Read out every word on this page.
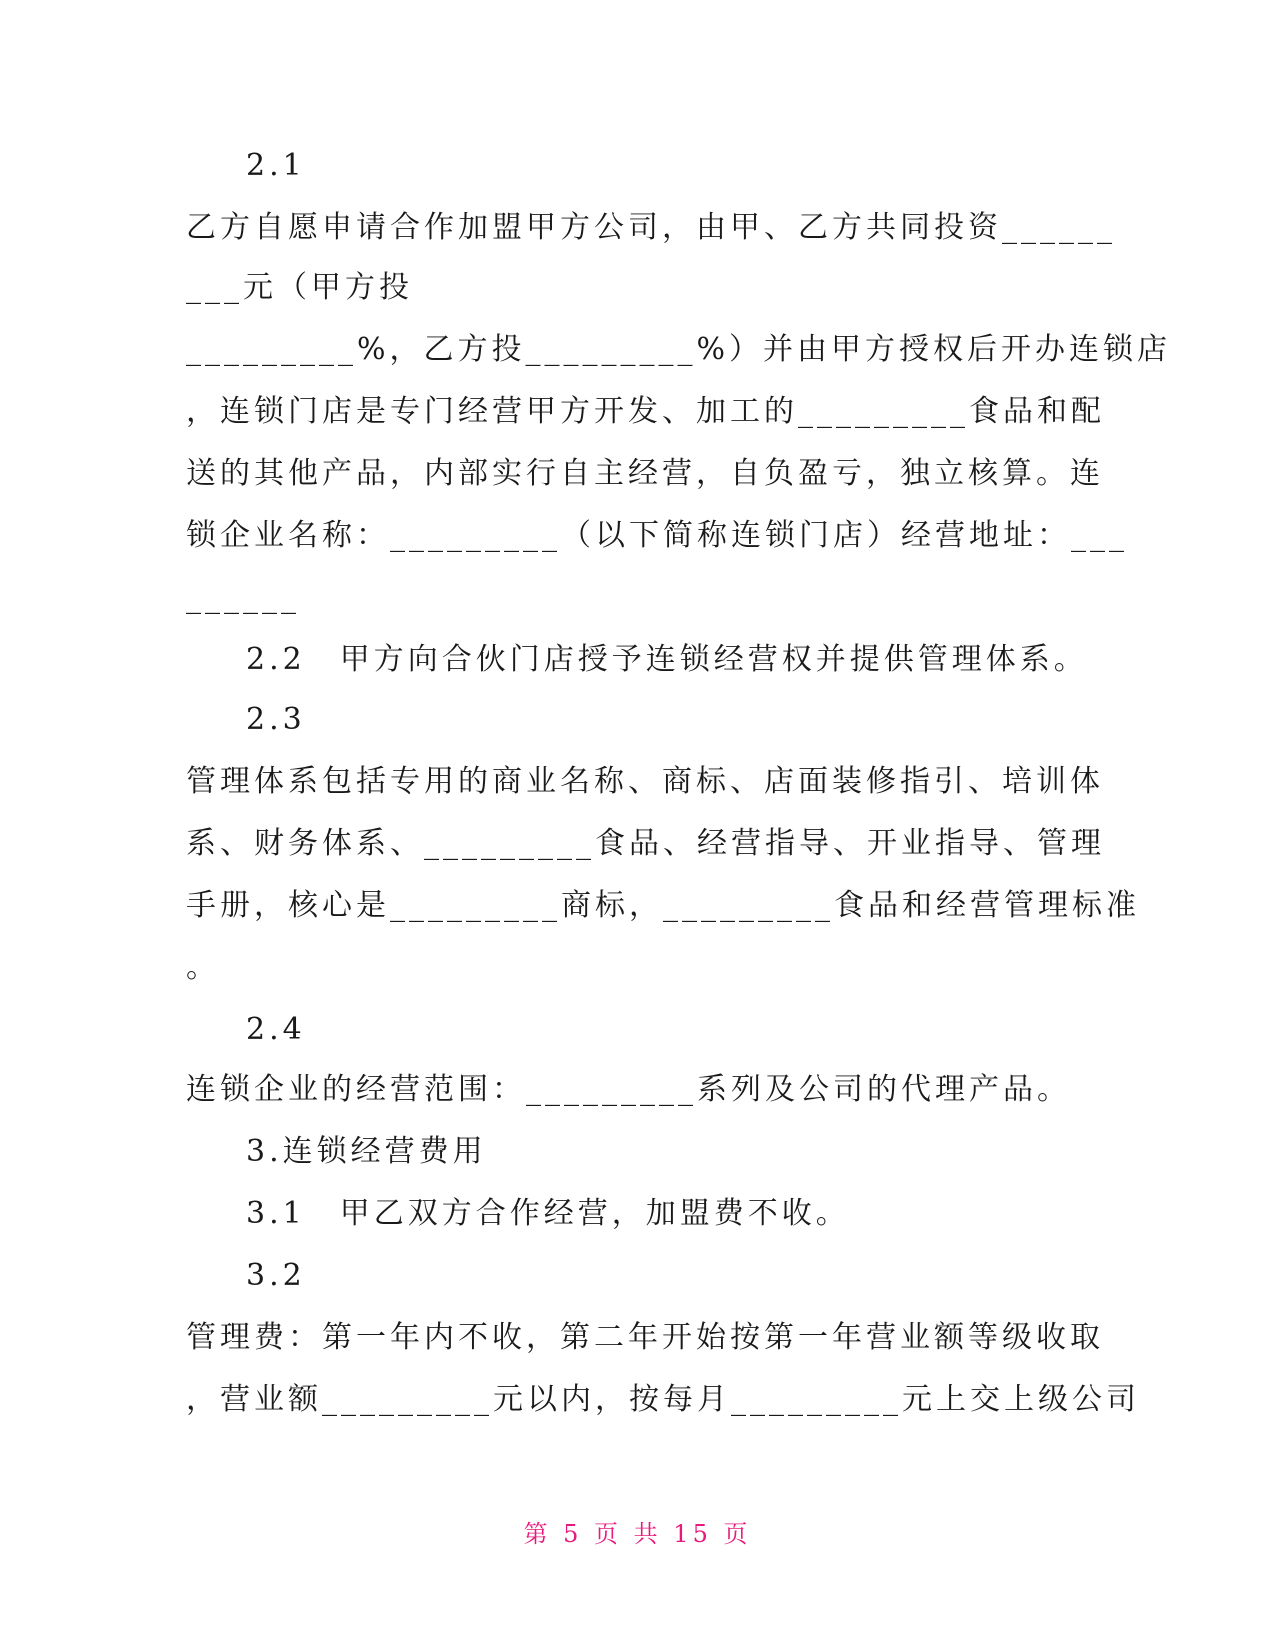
2.1
乙方自愿申请合作加盟甲方公司，由甲、乙方共同投资______
___元（甲方投
_________%，乙方投_________%）并由甲方授权后开办连锁店
，连锁门店是专门经营甲方开发、加工的_________食品和配
送的其他产品，内部实行自主经营，自负盈亏，独立核算。连
锁企业名称：_________（以下简称连锁门店）经营地址：___
______
2.2　甲方向合伙门店授予连锁经营权并提供管理体系。
2.3
管理体系包括专用的商业名称、商标、店面装修指引、培训体
系、财务体系、_________食品、经营指导、开业指导、管理
手册，核心是_________商标，_________食品和经营管理标准
。
2.4
连锁企业的经营范围：_________系列及公司的代理产品。
3.连锁经营费用
3.1　甲乙双方合作经营，加盟费不收。
3.2
管理费：第一年内不收，第二年开始按第一年营业额等级收取
，营业额_________元以内，按每月_________元上交上级公司
第 5 页 共 15 页
